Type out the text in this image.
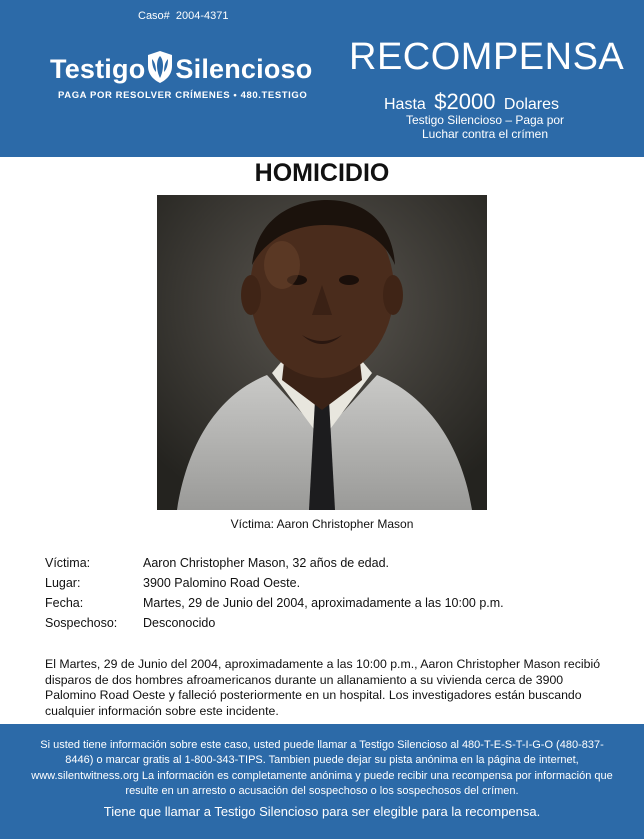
Caso# 2004-4371
Testigo Silencioso
PAGA POR RESOLVER CRÍMENES • 480.TESTIGO
RECOMPENSA
Hasta $2000 Dolares
Testigo Silencioso – Paga por Luchar contra el crímen
HOMICIDIO
Víctima: Aaron Christopher Mason
Víctima:	Aaron Christopher Mason, 32 años de edad.
Lugar:	3900 Palomino Road Oeste.
Fecha:	Martes, 29 de Junio del 2004, aproximadamente a las 10:00 p.m.
Sospechoso: Desconocido
El Martes, 29 de Junio del 2004, aproximadamente a las 10:00 p.m., Aaron Christopher Mason recibió disparos de dos hombres afroamericanos durante un allanamiento a su vivienda cerca de 3900 Palomino Road Oeste y falleció posteriormente en un hospital. Los investigadores están buscando cualquier información sobre este incidente.
Si usted tiene información sobre este caso, usted puede llamar a Testigo Silencioso al 480-T-E-S-T-I-G-O (480-837-8446) o marcar gratis al 1-800-343-TIPS. Tambien puede dejar su pista anónima en la página de internet, www.silentwitness.org La información es completamente anónima y puede recibir una recompensa por información que resulte en un arresto o acusación del sospechoso o los sospechosos del crímen.
Tiene que llamar a Testigo Silencioso para ser elegible para la recompensa.
